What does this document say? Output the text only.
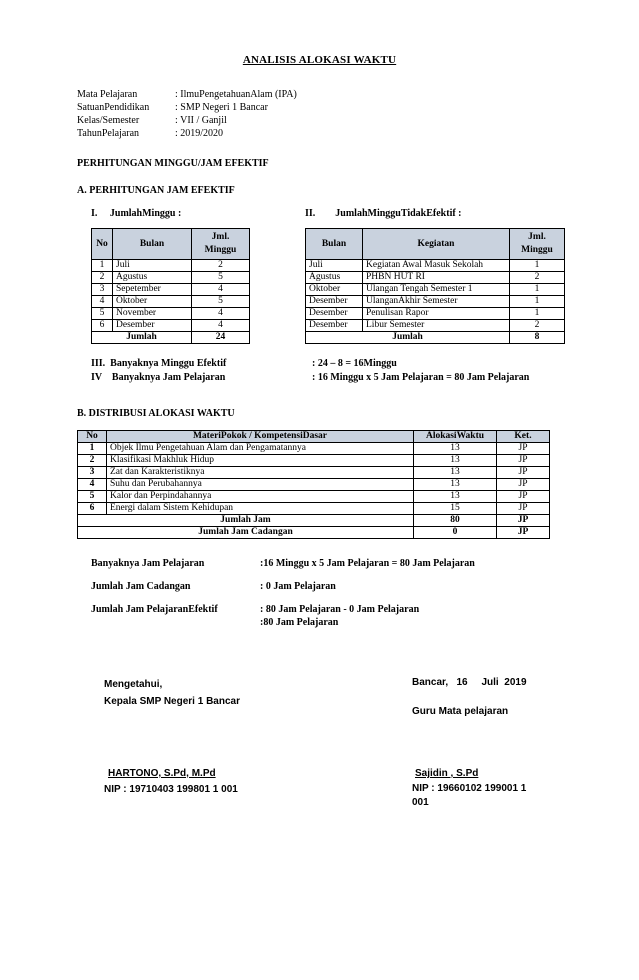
ANALISIS ALOKASI WAKTU
Mata Pelajaran	: IlmuPengetahuanAlam (IPA)
SatuanPendidikan	: SMP Negeri 1 Bancar
Kelas/Semester	: VII / Ganjil
TahunPelajaran	: 2019/2020
PERHITUNGAN MINGGU/JAM EFEKTIF
A. PERHITUNGAN JAM EFEKTIF
I.     JumlahMinggu :	II.        JumlahMingguTidakEfektif :
No	Bulan	Jml. Minggu
1	Juli	2
2	Agustus	5
3	Sepetember	4
4	Oktober	5
5	November	4
6	Desember	4
Jumlah		24
Bulan	Kegiatan	Jml. Minggu
Juli	Kegiatan Awal Masuk Sekolah	1
Agustus	PHBN HUT RI	2
Oktober	Ulangan Tengah Semester 1	1
Desember	UlanganAkhir Semester	1
Desember	Penulisan Rapor	1
Desember	Libur Semester	2
Jumlah		8
III.  Banyaknya Minggu Efektif	: 24 – 8 = 16Minggu
IV    Banyaknya Jam Pelajaran	: 16 Minggu x 5 Jam Pelajaran = 80 Jam Pelajaran
B. DISTRIBUSI ALOKASI WAKTU
No	MateriPokok / KompetensiDasar	AlokasiWaktu	Ket.
1	Objek Ilmu Pengetahuan Alam dan Pengamatannya	13	JP
2	Klasifikasi Makhluk Hidup	13	JP
3	Zat dan Karakteristiknya	13	JP
4	Suhu dan Perubahannya	13	JP
5	Kalor dan Perpindahannya	13	JP
6	Energi dalam Sistem Kehidupan	15	JP
Jumlah Jam		80	JP
Jumlah Jam Cadangan		0	JP
Banyaknya Jam Pelajaran	:16 Minggu x 5 Jam Pelajaran = 80 Jam Pelajaran
Jumlah Jam Cadangan	: 0 Jam Pelajaran
Jumlah Jam PelajaranEfektif	: 80 Jam Pelajaran - 0 Jam Pelajaran
:80 Jam Pelajaran
Mengetahui,
Kepala SMP Negeri 1 Bancar
HARTONO, S.Pd, M.Pd
NIP : 19710403 199801 1 001
Bancar,   16     Juli  2019
Guru Mata pelajaran
Sajidin , S.Pd
NIP : 19660102 199001 1
001
